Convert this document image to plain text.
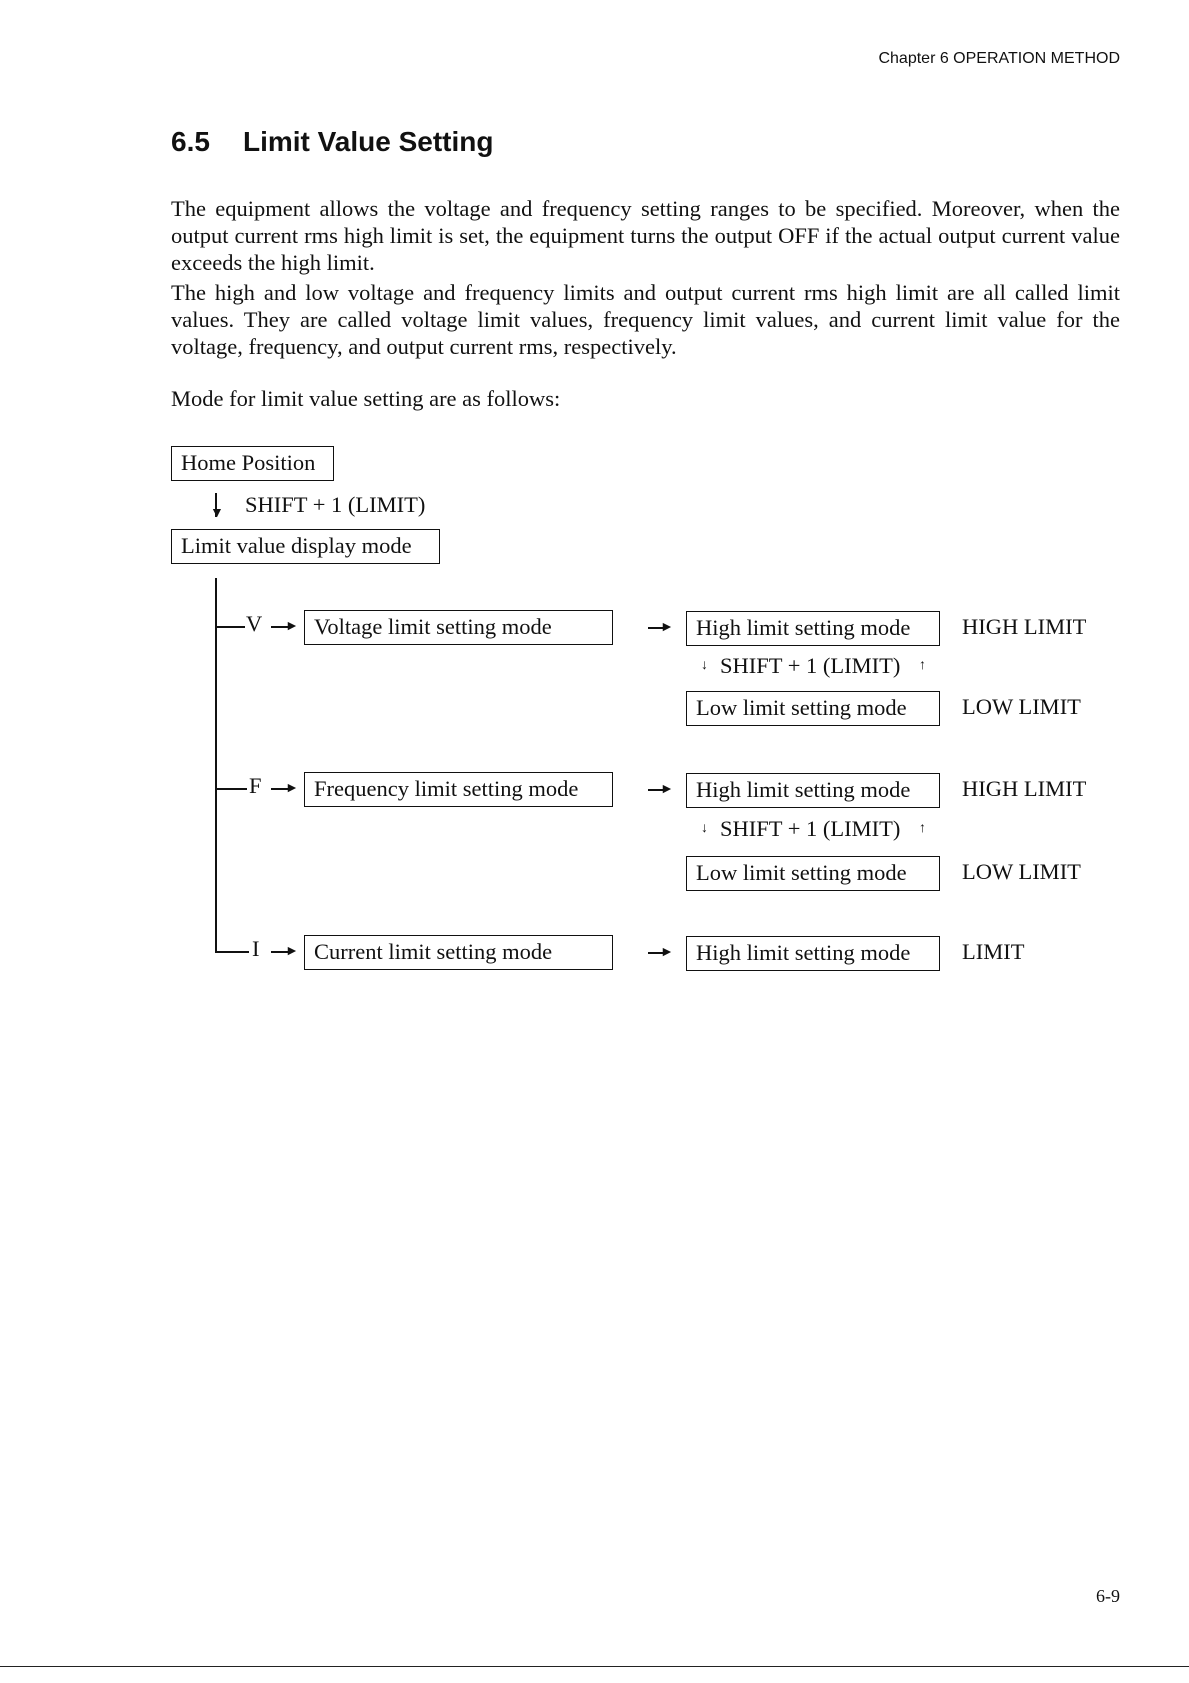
Chapter 6 OPERATION METHOD
6.5 Limit Value Setting
The equipment allows the voltage and frequency setting ranges to be specified. Moreover, when the output current rms high limit is set, the equipment turns the output OFF if the actual output current value exceeds the high limit.
The high and low voltage and frequency limits and output current rms high limit are all called limit values. They are called voltage limit values, frequency limit values, and current limit value for the voltage, frequency, and output current rms, respectively.
Mode for limit value setting are as follows:
Home Position
▼ SHIFT + 1 (LIMIT)
Limit value display mode
V ► Voltage limit setting mode	► High limit setting mode	HIGH LIMIT
↓ SHIFT + 1 (LIMIT) ↑
Low limit setting mode	LOW LIMIT
F ► Frequency limit setting mode	► High limit setting mode	HIGH LIMIT
↓ SHIFT + 1 (LIMIT) ↑
Low limit setting mode	LOW LIMIT
I ► Current limit setting mode	► High limit setting mode	LIMIT
6-9
